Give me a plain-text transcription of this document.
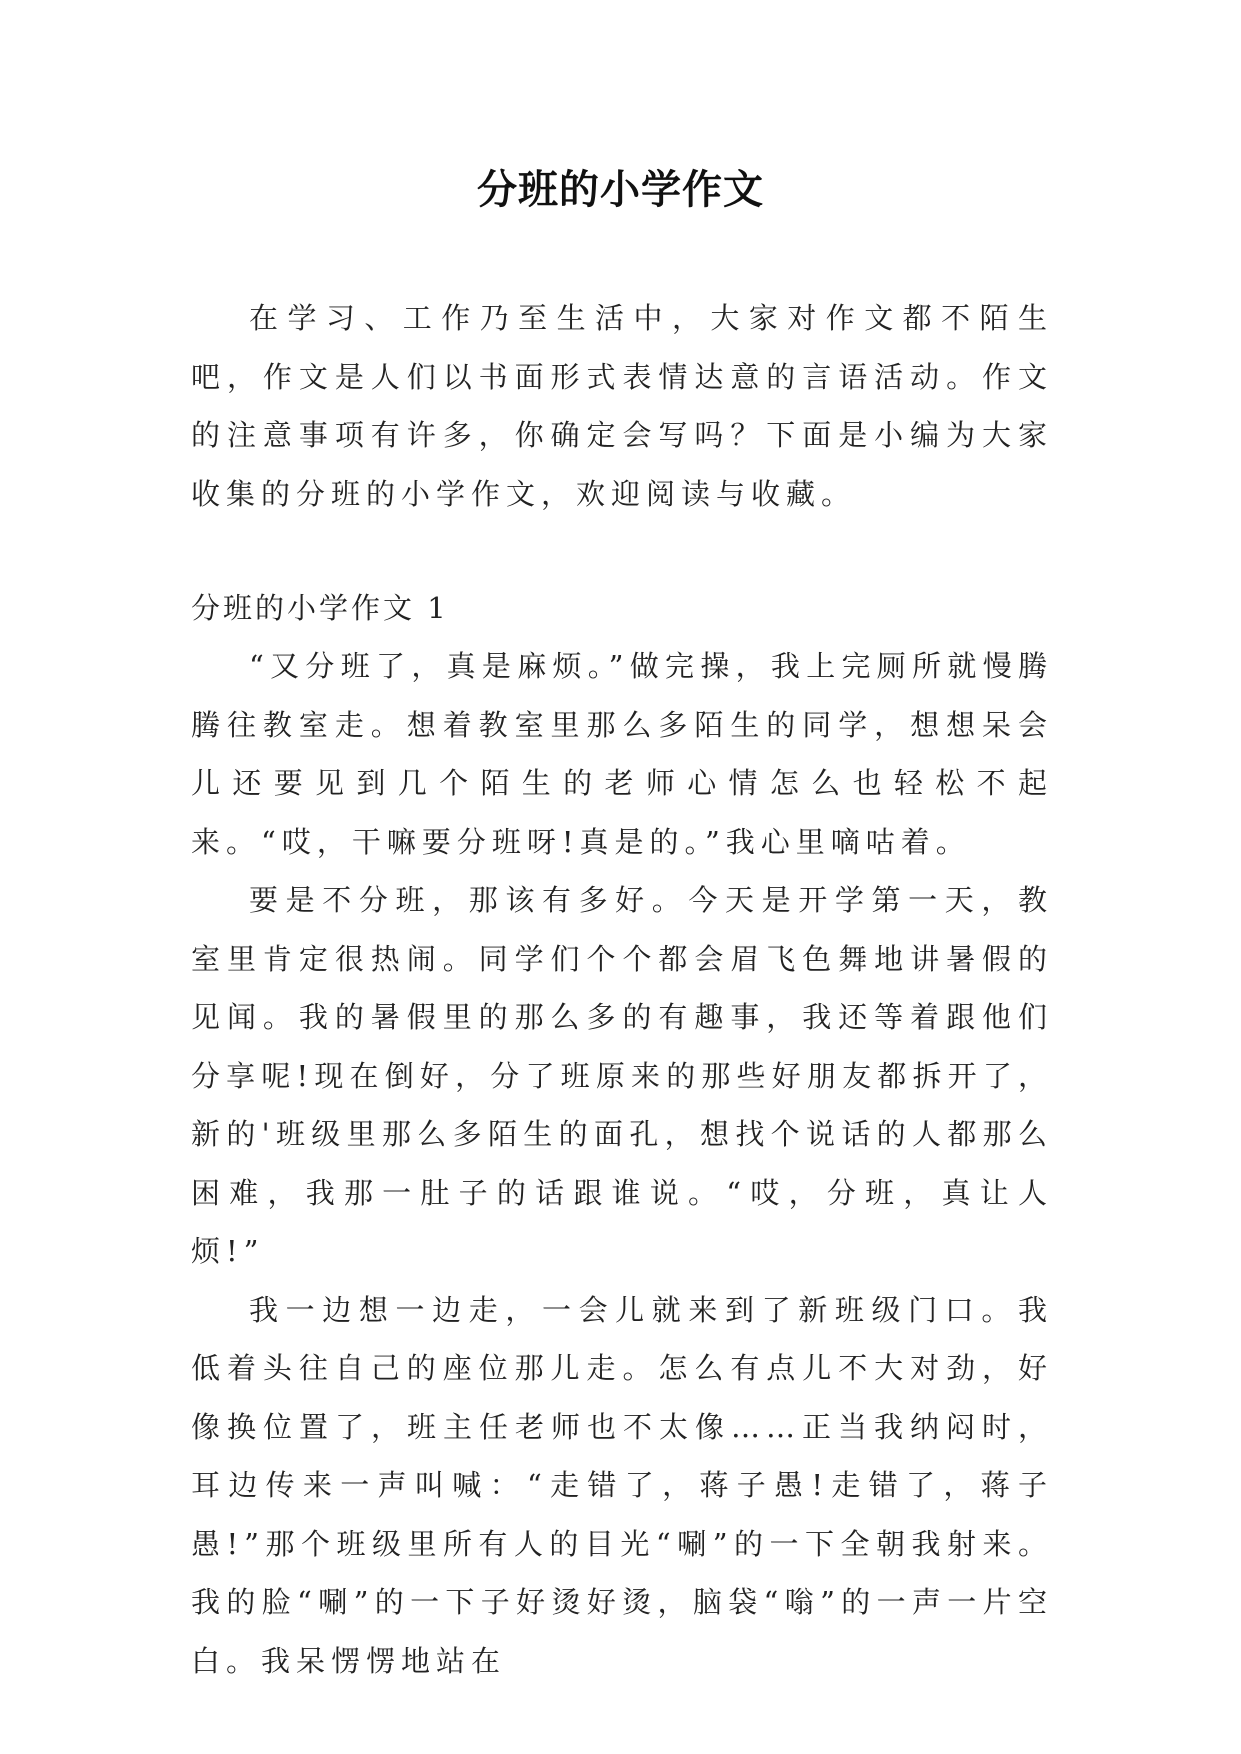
分班的小学作文

在学习、工作乃至生活中，大家对作文都不陌生吧，作文是人们以书面形式表情达意的言语活动。作文的注意事项有许多，你确定会写吗？下面是小编为大家收集的分班的小学作文，欢迎阅读与收藏。

分班的小学作文 1

“又分班了，真是麻烦。”做完操，我上完厕所就慢腾腾往教室走。想着教室里那么多陌生的同学，想想呆会儿还要见到几个陌生的老师心情怎么也轻松不起来。“哎，干嘛要分班呀!真是的。”我心里嘀咕着。

要是不分班，那该有多好。今天是开学第一天，教室里肯定很热闹。同学们个个都会眉飞色舞地讲暑假的见闻。我的暑假里的那么多的有趣事，我还等着跟他们分享呢!现在倒好，分了班原来的那些好朋友都拆开了，新的'班级里那么多陌生的面孔，想找个说话的人都那么困难，我那一肚子的话跟谁说。“哎，分班，真让人烦!”

我一边想一边走，一会儿就来到了新班级门口。我低着头往自己的座位那儿走。怎么有点儿不大对劲，好像换位置了，班主任老师也不太像……正当我纳闷时，耳边传来一声叫喊：“走错了，蒋子愚!走错了，蒋子愚!”那个班级里所有人的目光“唰”的一下全朝我射来。我的脸“唰”的一下子好烫好烫，脑袋“嗡”的一声一片空白。我呆愣愣地站在
